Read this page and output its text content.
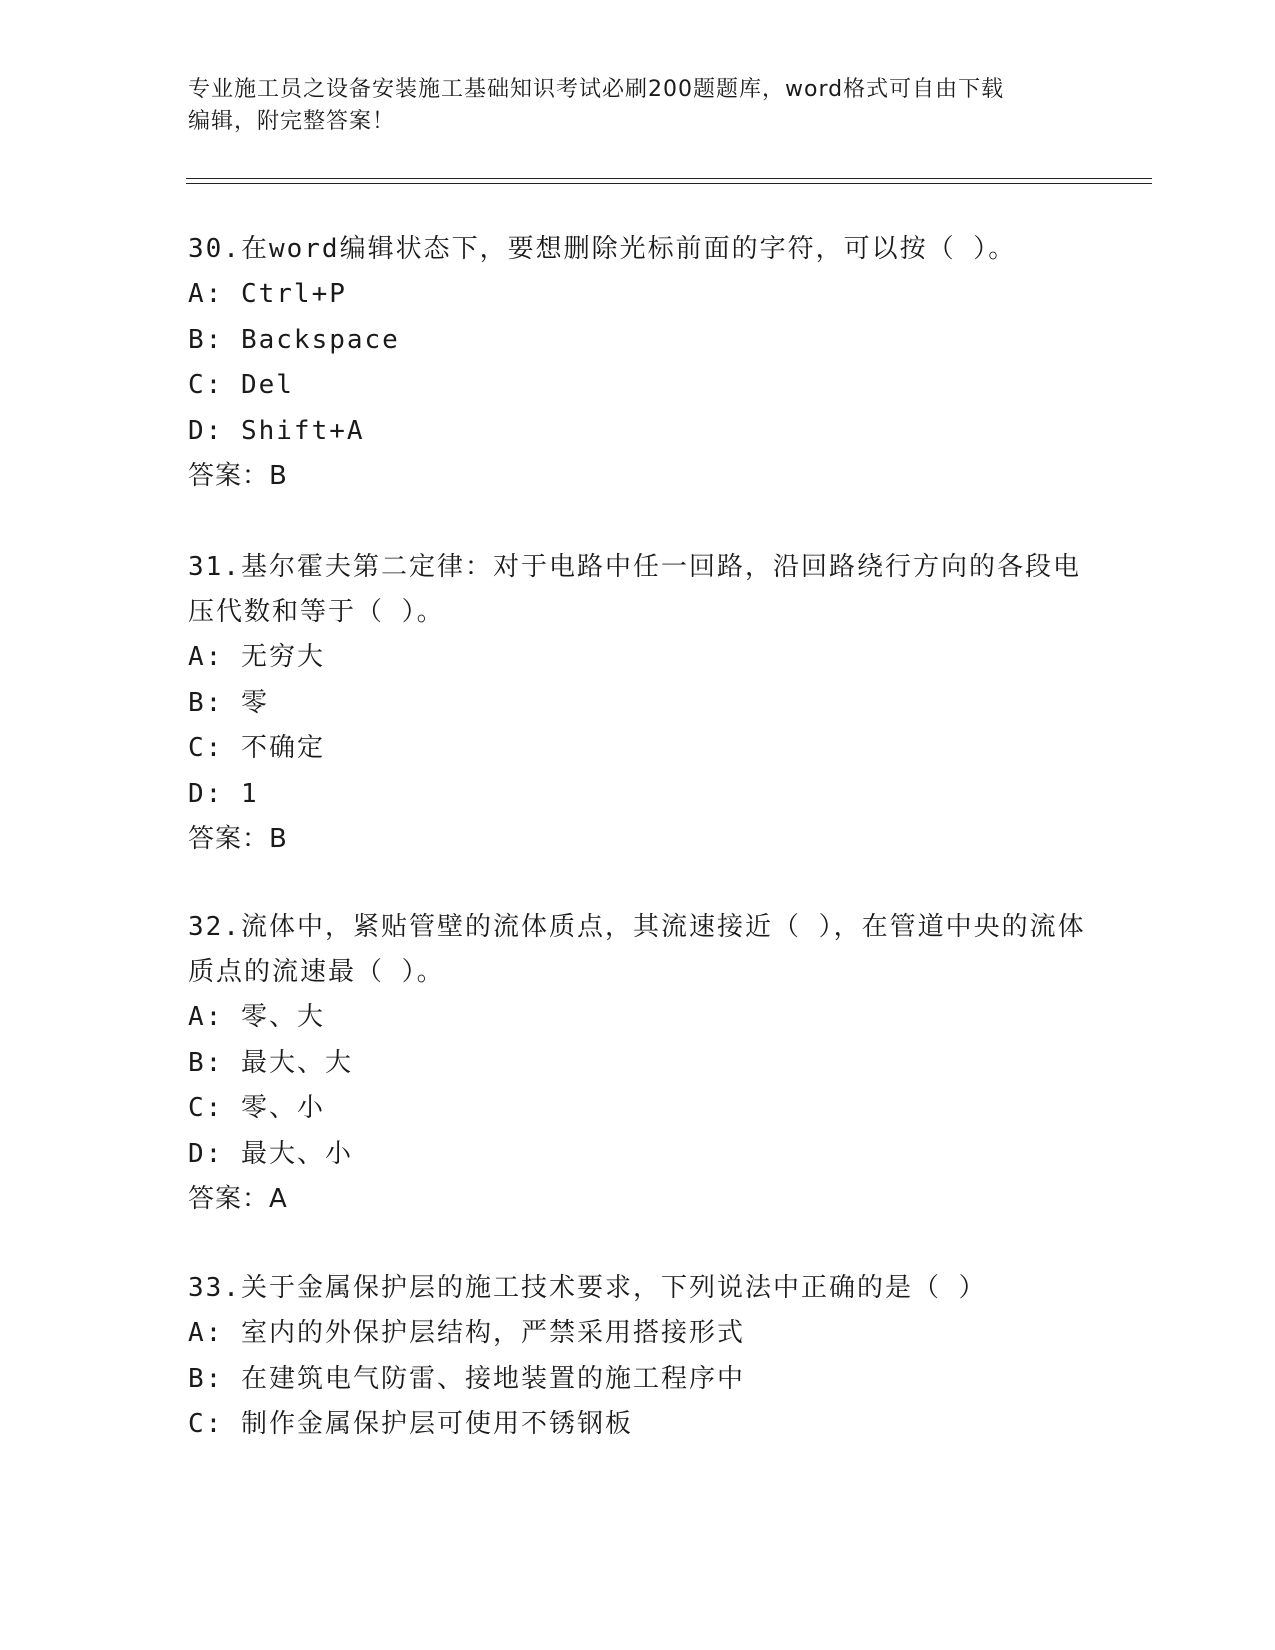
专业施工员之设备安装施工基础知识考试必刷200题题库，word格式可自由下载
编辑，附完整答案！
30.在word编辑状态下，要想删除光标前面的字符，可以按（ ）。
A: Ctrl+P
B: Backspace
C: Del
D: Shift+A
答案：B
31.基尔霍夫第二定律：对于电路中任一回路，沿回路绕行方向的各段电压代数和等于（ ）。
A: 无穷大
B: 零
C: 不确定
D: 1
答案：B
32.流体中，紧贴管壁的流体质点，其流速接近（ ），在管道中央的流体质点的流速最（ ）。
A: 零、大
B: 最大、大
C: 零、小
D: 最大、小
答案：A
33.关于金属保护层的施工技术要求，下列说法中正确的是（ ）
A: 室内的外保护层结构，严禁采用搭接形式
B: 在建筑电气防雷、接地装置的施工程序中
C: 制作金属保护层可使用不锈钢板
